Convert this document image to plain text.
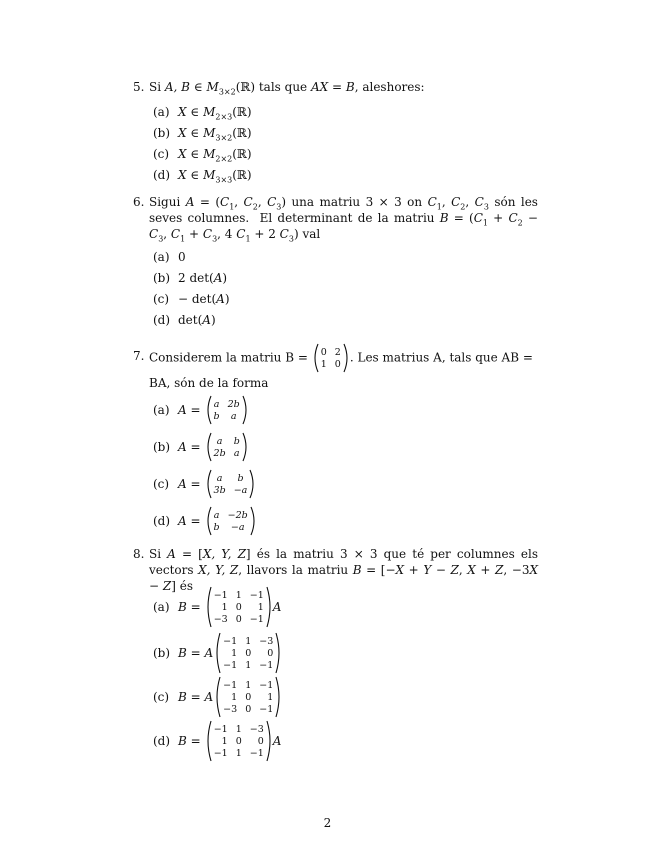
5. Si A, B ∈ $M_{3\times 2}(ℝ)$ tals que AX = B, aleshores:
(a) X ∈ $M_{2\times 3}(ℝ)$
(b) X ∈ $M_{3\times 2}(ℝ)$
(c) X ∈ $M_{2\times 2}(ℝ)$
(d) X ∈ $M_{3\times 3}(ℝ)$
6. Sigui $A = (C_1$, $C_2$, $C_3$) una matriu 3 × 3 on $C_1$, $C_2$, $C_3$ són les seves columnes.  El determinant de la matriu $B = (C_1 + C_2 - C_3$, $C_1 + C_3$, 4 $C_1 + 2$ $C_3$) val
(a) 0
(b) 2 det(A)
(c) − det(A)
(d) det(A)
7. Considerem la matriu B = 0 2
1 0 . Les matrius A, tals que AB =
BA, són de la forma
(a) A = a 2b
b	a
(b) A =	a	b
2b a
(c) A =	a	b
3b −a
(d) A = a −2b
b	−a
8. Si A = [X, Y, Z] és la matriu 3 × 3 que té per columnes els vectors X, Y, Z, llavors la matriu B = [−X + Y − Z, X + Z, −3X − Z] és
(a) B =
−1 1 −1
1 0	1
−3 0 −1
A
(b) B = A
−1 1 −3
1 0	0
−1 1 −1
(c) B = A
−1 1 −1
1 0	1
−3 0 −1
(d) B =
−1 1 −3
1 0	0
−1 1 −1
A
2
